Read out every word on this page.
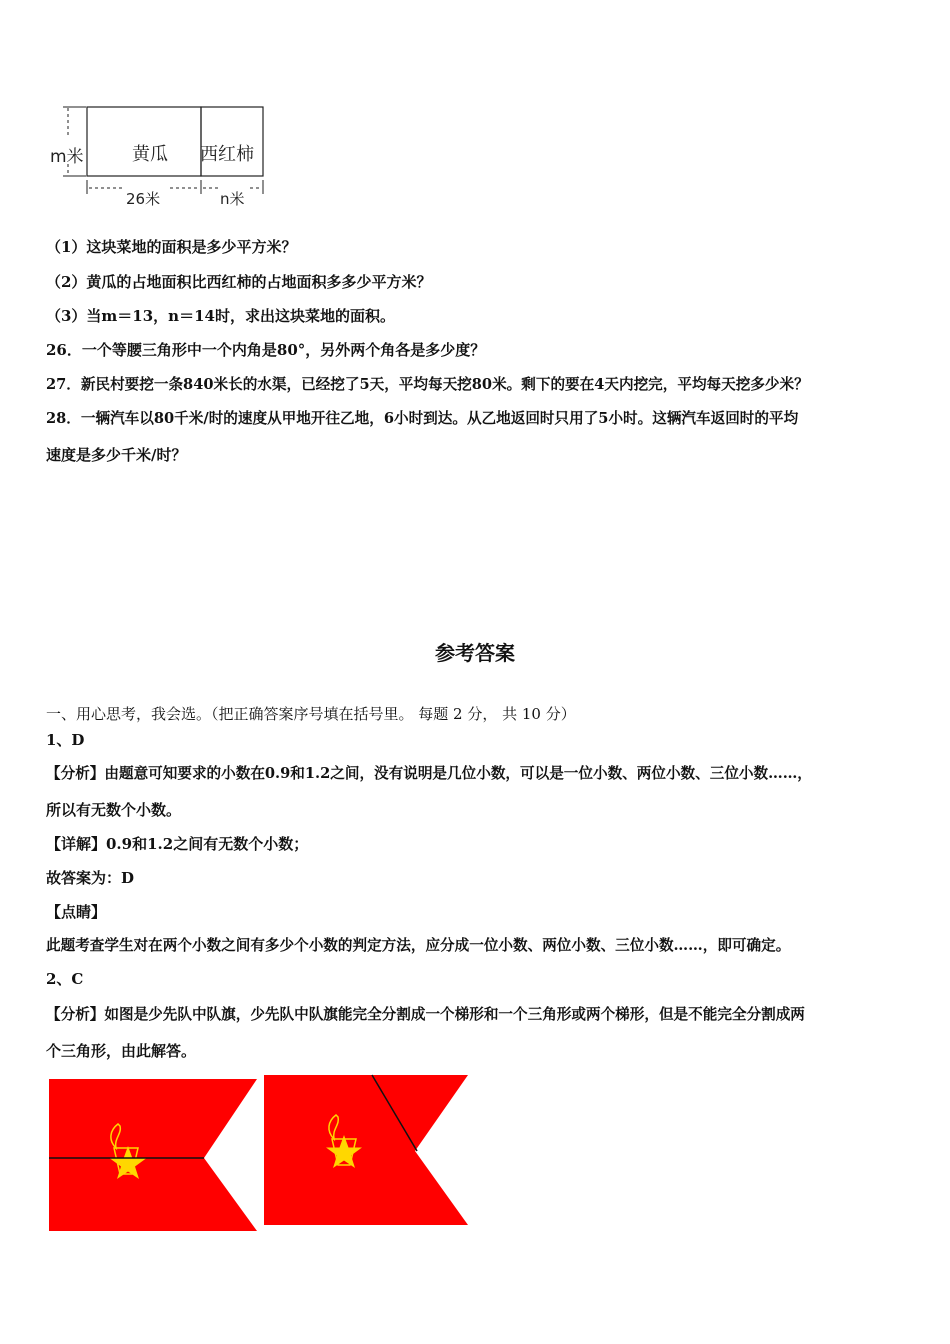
m米	黄瓜 西红柿
26米	n米
（1）这块菜地的面积是多少平方米？
（2）黄瓜的占地面积比西红柿的占地面积多多少平方米？
（3）当m＝13，n＝14时，求出这块菜地的面积。
26．一个等腰三角形中一个内角是80°，另外两个角各是多少度？
27．新民村要挖一条840米长的水渠，已经挖了5天，平均每天挖80米。剩下的要在4天内挖完，平均每天挖多少米？
28．一辆汽车以80千米/时的速度从甲地开往乙地，6小时到达。从乙地返回时只用了5小时。这辆汽车返回时的平均
速度是多少千米/时？
参考答案
一、用心思考，我会选。（把正确答案序号填在括号里。 每题 2 分， 共 10 分）
1、D
【分析】由题意可知要求的小数在0.9和1.2之间，没有说明是几位小数，可以是一位小数、两位小数、三位小数……，
所以有无数个小数。
【详解】0.9和1.2之间有无数个小数；
故答案为：D
【点睛】
此题考查学生对在两个小数之间有多少个小数的判定方法，应分成一位小数、两位小数、三位小数……，即可确定。
2、C
【分析】如图是少先队中队旗，少先队中队旗能完全分割成一个梯形和一个三角形或两个梯形，但是不能完全分割成两
个三角形，由此解答。
